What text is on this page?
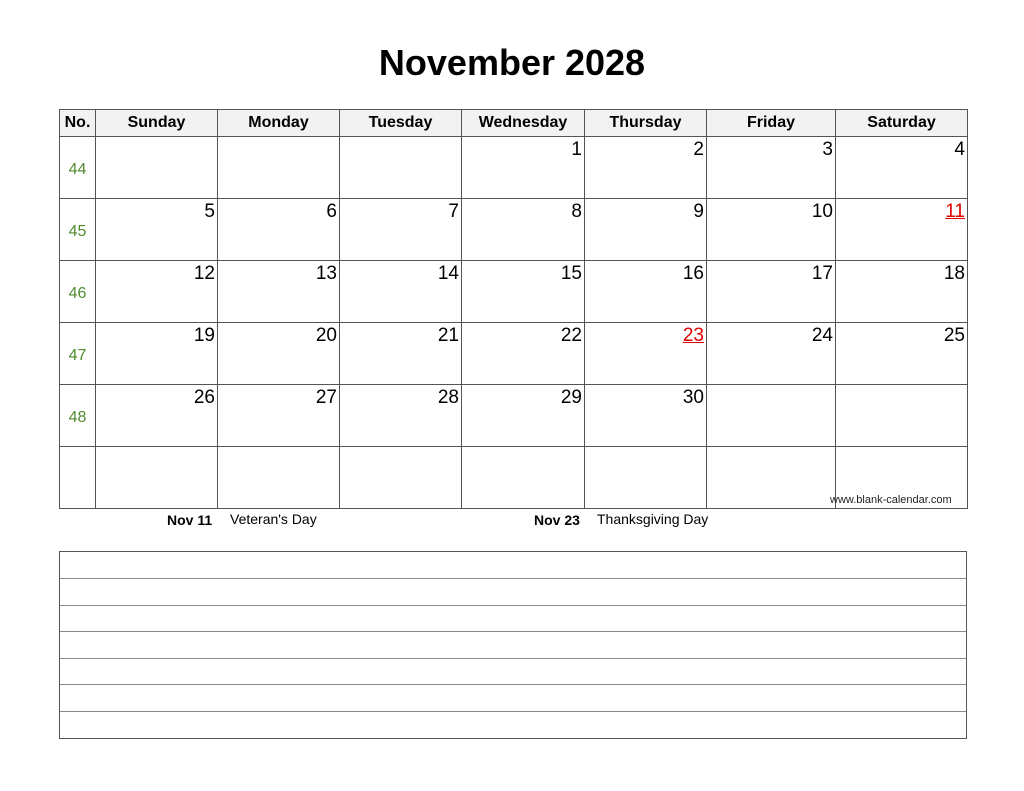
November 2028
No.	Sunday	Monday	Tuesday	Wednesday	Thursday	Friday	Saturday
44				1	2	3	4

45	5	6	7	8	9	10	11

46	12	13	14	15	16	17	18

47	19	20	21	22	23	24	25

48	26	27	28	29	30		

www.blank-calendar.com
Nov 11 Veteran's Day	Nov 23 Thanksgiving Day
